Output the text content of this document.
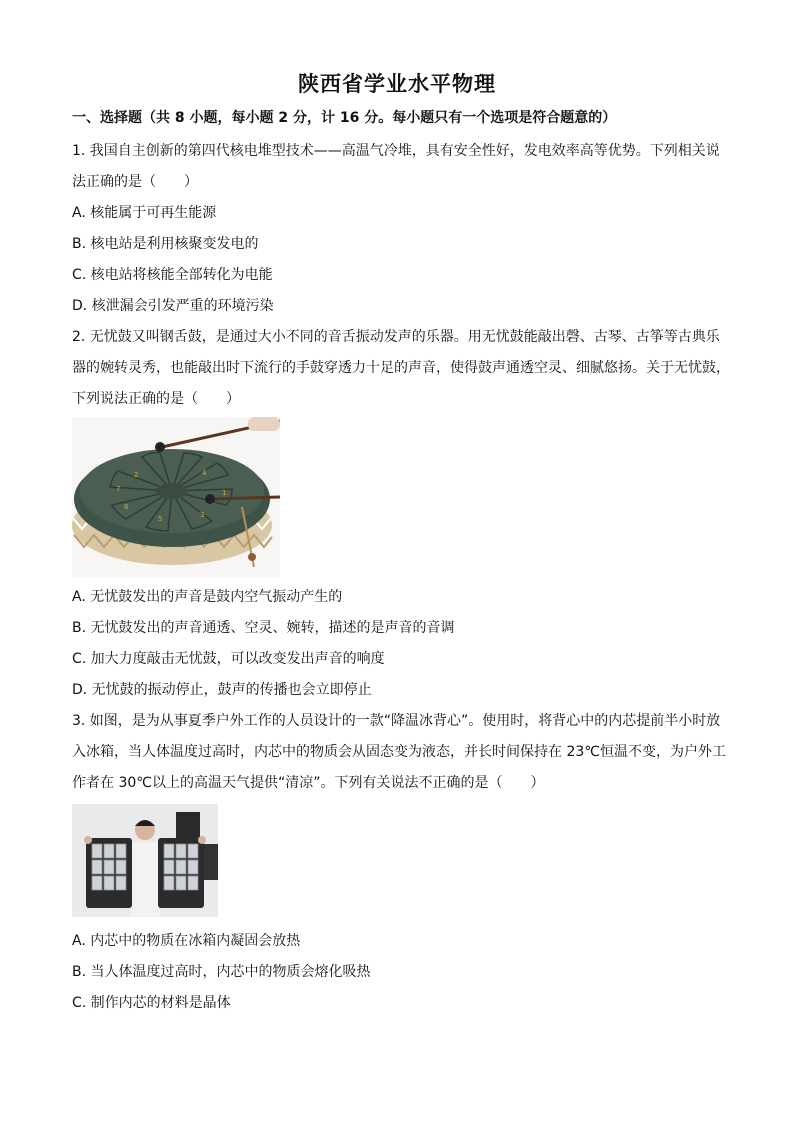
陕西省学业水平物理
一、选择题（共 8 小题，每小题 2 分，计 16 分。每小题只有一个选项是符合题意的）
1. 我国自主创新的第四代核电堆型技术——高温气冷堆，具有安全性好，发电效率高等优势。下列相关说
法正确的是（　　）
A. 核能属于可再生能源
B. 核电站是利用核聚变发电的
C. 核电站将核能全部转化为电能
D. 核泄漏会引发严重的环境污染
2. 无忧鼓又叫钢舌鼓，是通过大小不同的音舌振动发声的乐器。用无忧鼓能敲出磬、古琴、古筝等古典乐
器的婉转灵秀，也能敲出时下流行的手鼓穿透力十足的声音，使得鼓声通透空灵、细腻悠扬。关于无忧鼓，
下列说法正确的是（　　）
2	4
1
3
5
6
7
A. 无忧鼓发出的声音是鼓内空气振动产生的
B. 无忧鼓发出的声音通透、空灵、婉转，描述的是声音的音调
C. 加大力度敲击无忧鼓，可以改变发出声音的响度
D. 无忧鼓的振动停止，鼓声的传播也会立即停止
3. 如图，是为从事夏季户外工作的人员设计的一款“降温冰背心”。使用时，将背心中的内芯提前半小时放
入冰箱，当人体温度过高时，内芯中的物质会从固态变为液态，并长时间保持在 23℃恒温不变，为户外工
作者在 30℃以上的高温天气提供“清凉”。下列有关说法不正确的是（　　）
A. 内芯中的物质在冰箱内凝固会放热
B. 当人体温度过高时，内芯中的物质会熔化吸热
C. 制作内芯的材料是晶体
